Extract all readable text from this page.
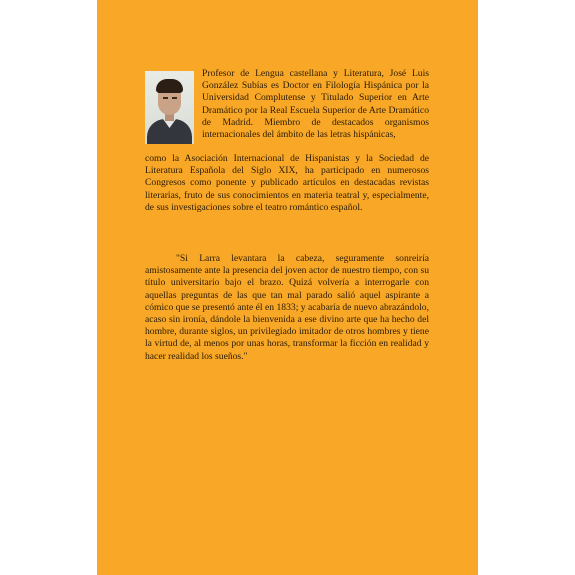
Profesor de Lengua castellana y Literatura, José Luis González Subías es Doctor en Filología Hispánica por la Universidad Complutense y Titulado Superior en Arte Dramático por la Real Escuela Superior de Arte Dramático de Madrid. Miembro de destacados organismos internacionales del ámbito de las letras hispánicas,

como la Asociación Internacional de Hispanistas y la Sociedad de Literatura Española del Siglo XIX, ha participado en numerosos Congresos como ponente y publicado artículos en destacadas revistas literarias, fruto de sus conocimientos en materia teatral y, especialmente, de sus investigaciones sobre el teatro romántico español.

"Si Larra levantara la cabeza, seguramente sonreiría amistosamente ante la presencia del joven actor de nuestro tiempo, con su título universitario bajo el brazo. Quizá volvería a interrogarle con aquellas preguntas de las que tan mal parado salió aquel aspirante a cómico que se presentó ante él en 1833; y acabaría de nuevo abrazándolo, acaso sin ironía, dándole la bienvenida a ese divino arte que ha hecho del hombre, durante siglos, un privilegiado imitador de otros hombres y tiene la virtud de, al menos por unas horas, transformar la ficción en realidad y hacer realidad los sueños."
